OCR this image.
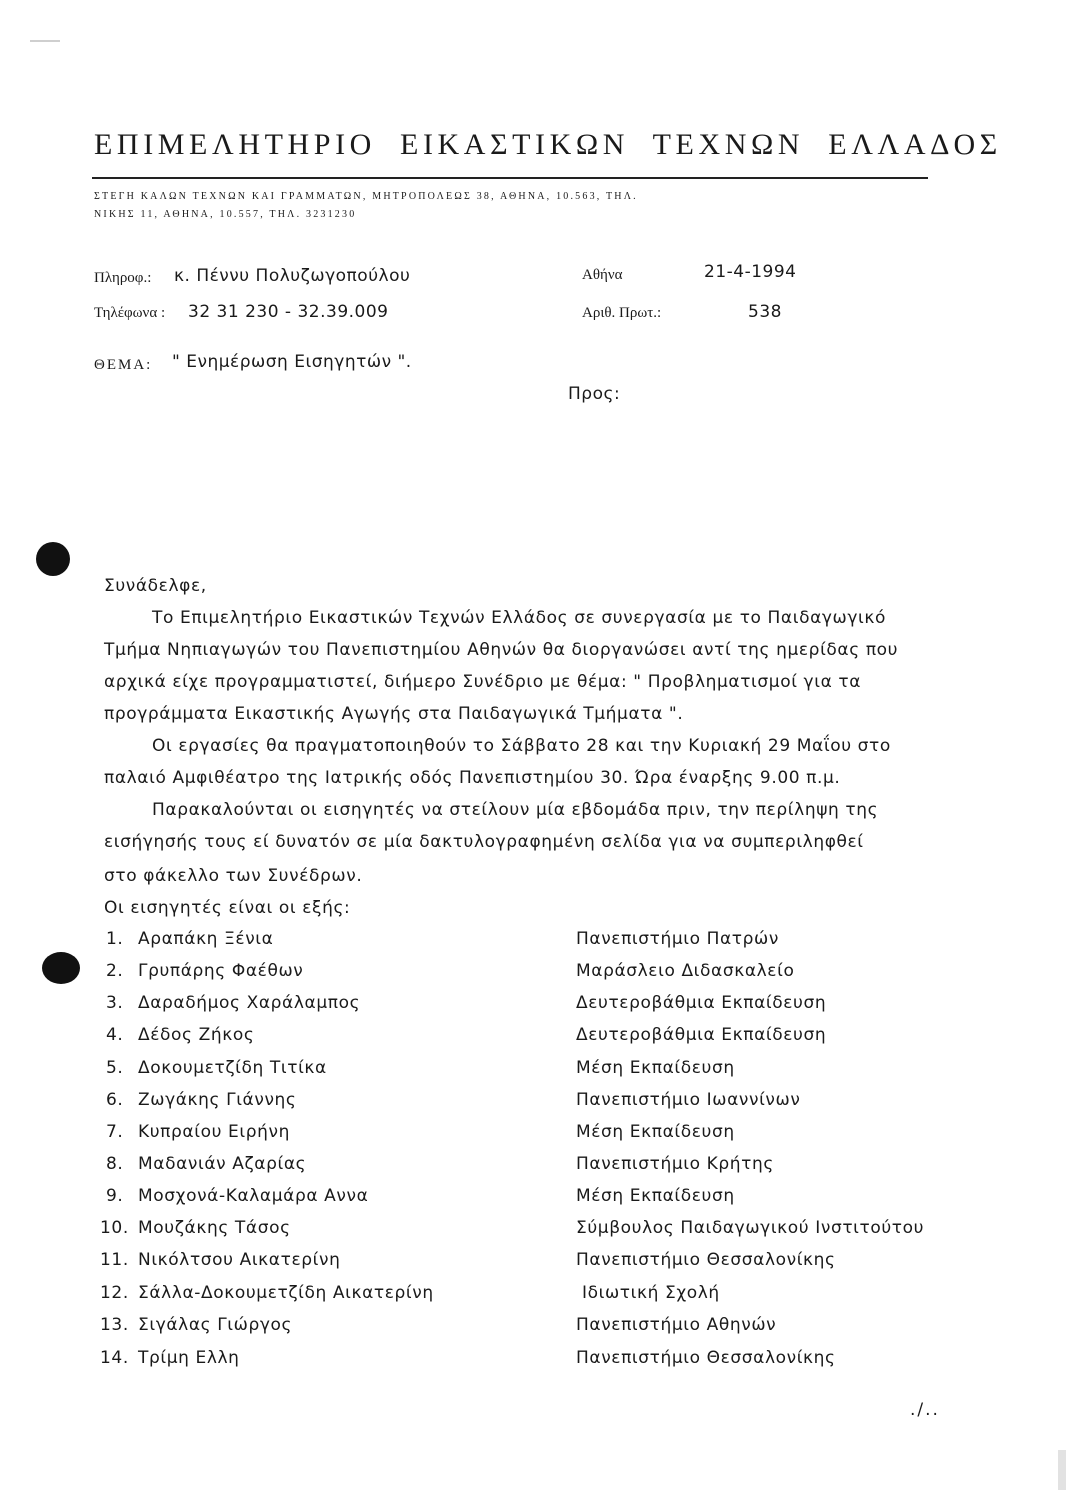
ΕΠΙΜΕΛΗΤΗΡΙΟ ΕΙΚΑΣΤΙΚΩΝ ΤΕΧΝΩΝ ΕΛΛΑΔΟΣ
ΣΤΕΓΗ ΚΑΛΩΝ ΤΕΧΝΩΝ ΚΑΙ ΓΡΑΜΜΑΤΩΝ, ΜΗΤΡΟΠΟΛΕΩΣ 38, ΑΘΗΝΑ, 10.563, ΤΗΛ.
ΝΙΚΗΣ 11, ΑΘΗΝΑ, 10.557, ΤΗΛ. 3231230
Πληροφ.: κ. Πέννυ Πολυζωγοπούλου
Τηλέφωνα : 32 31 230 - 32.39.009
Αθήνα	21-4-1994
Αριθ. Πρωτ.:	538
ΘΕΜΑ: " Ενημέρωση Εισηγητών ".
Προς:
Συνάδελφε,
Το Επιμελητήριο Εικαστικών Τεχνών Ελλάδος σε συνεργασία με το Παιδαγωγικό
Τμήμα Νηπιαγωγών του Πανεπιστημίου Αθηνών θα διοργανώσει αντί της ημερίδας που
αρχικά είχε προγραμματιστεί, διήμερο Συνέδριο με θέμα: " Προβληματισμοί για τα
προγράμματα Εικαστικής Αγωγής στα Παιδαγωγικά Τμήματα ".
Οι εργασίες θα πραγματοποιηθούν το Σάββατο 28 και την Κυριακή 29 Μαΐου στο
παλαιό Αμφιθέατρο της Ιατρικής οδός Πανεπιστημίου 30. Ώρα έναρξης 9.00 π.μ.
Παρακαλούνται οι εισηγητές να στείλουν μία εβδομάδα πριν, την περίληψη της
εισήγησής τους εί δυνατόν σε μία δακτυλογραφημένη σελίδα για να συμπεριληφθεί
στο φάκελλο των Συνέδρων.
Οι εισηγητές είναι οι εξής:
1. Αραπάκη Ξένια	Πανεπιστήμιο Πατρών
2. Γρυπάρης Φαέθων	Μαράσλειο Διδασκαλείο
3. Δαραδήμος Χαράλαμπος	Δευτεροβάθμια Εκπαίδευση
4. Δέδος Ζήκος	Δευτεροβάθμια Εκπαίδευση
5. Δοκουμετζίδη Τιτίκα	Μέση Εκπαίδευση
6. Ζωγάκης Γιάννης	Πανεπιστήμιο Ιωαννίνων
7. Κυπραίου Ειρήνη	Μέση Εκπαίδευση
8. Μαδανιάν Αζαρίας	Πανεπιστήμιο Κρήτης
9. Μοσχονά-Καλαμάρα Αννα	Μέση Εκπαίδευση
10. Μουζάκης Τάσος	Σύμβουλος Παιδαγωγικού Ινστιτούτου
11. Νικόλτσου Αικατερίνη	Πανεπιστήμιο Θεσσαλονίκης
12. Σάλλα-Δοκουμετζίδη Αικατερίνη	Ιδιωτική Σχολή
13. Σιγάλας Γιώργος	Πανεπιστήμιο Αθηνών
14. Τρίμη Ελλη	Πανεπιστήμιο Θεσσαλονίκης
./..
